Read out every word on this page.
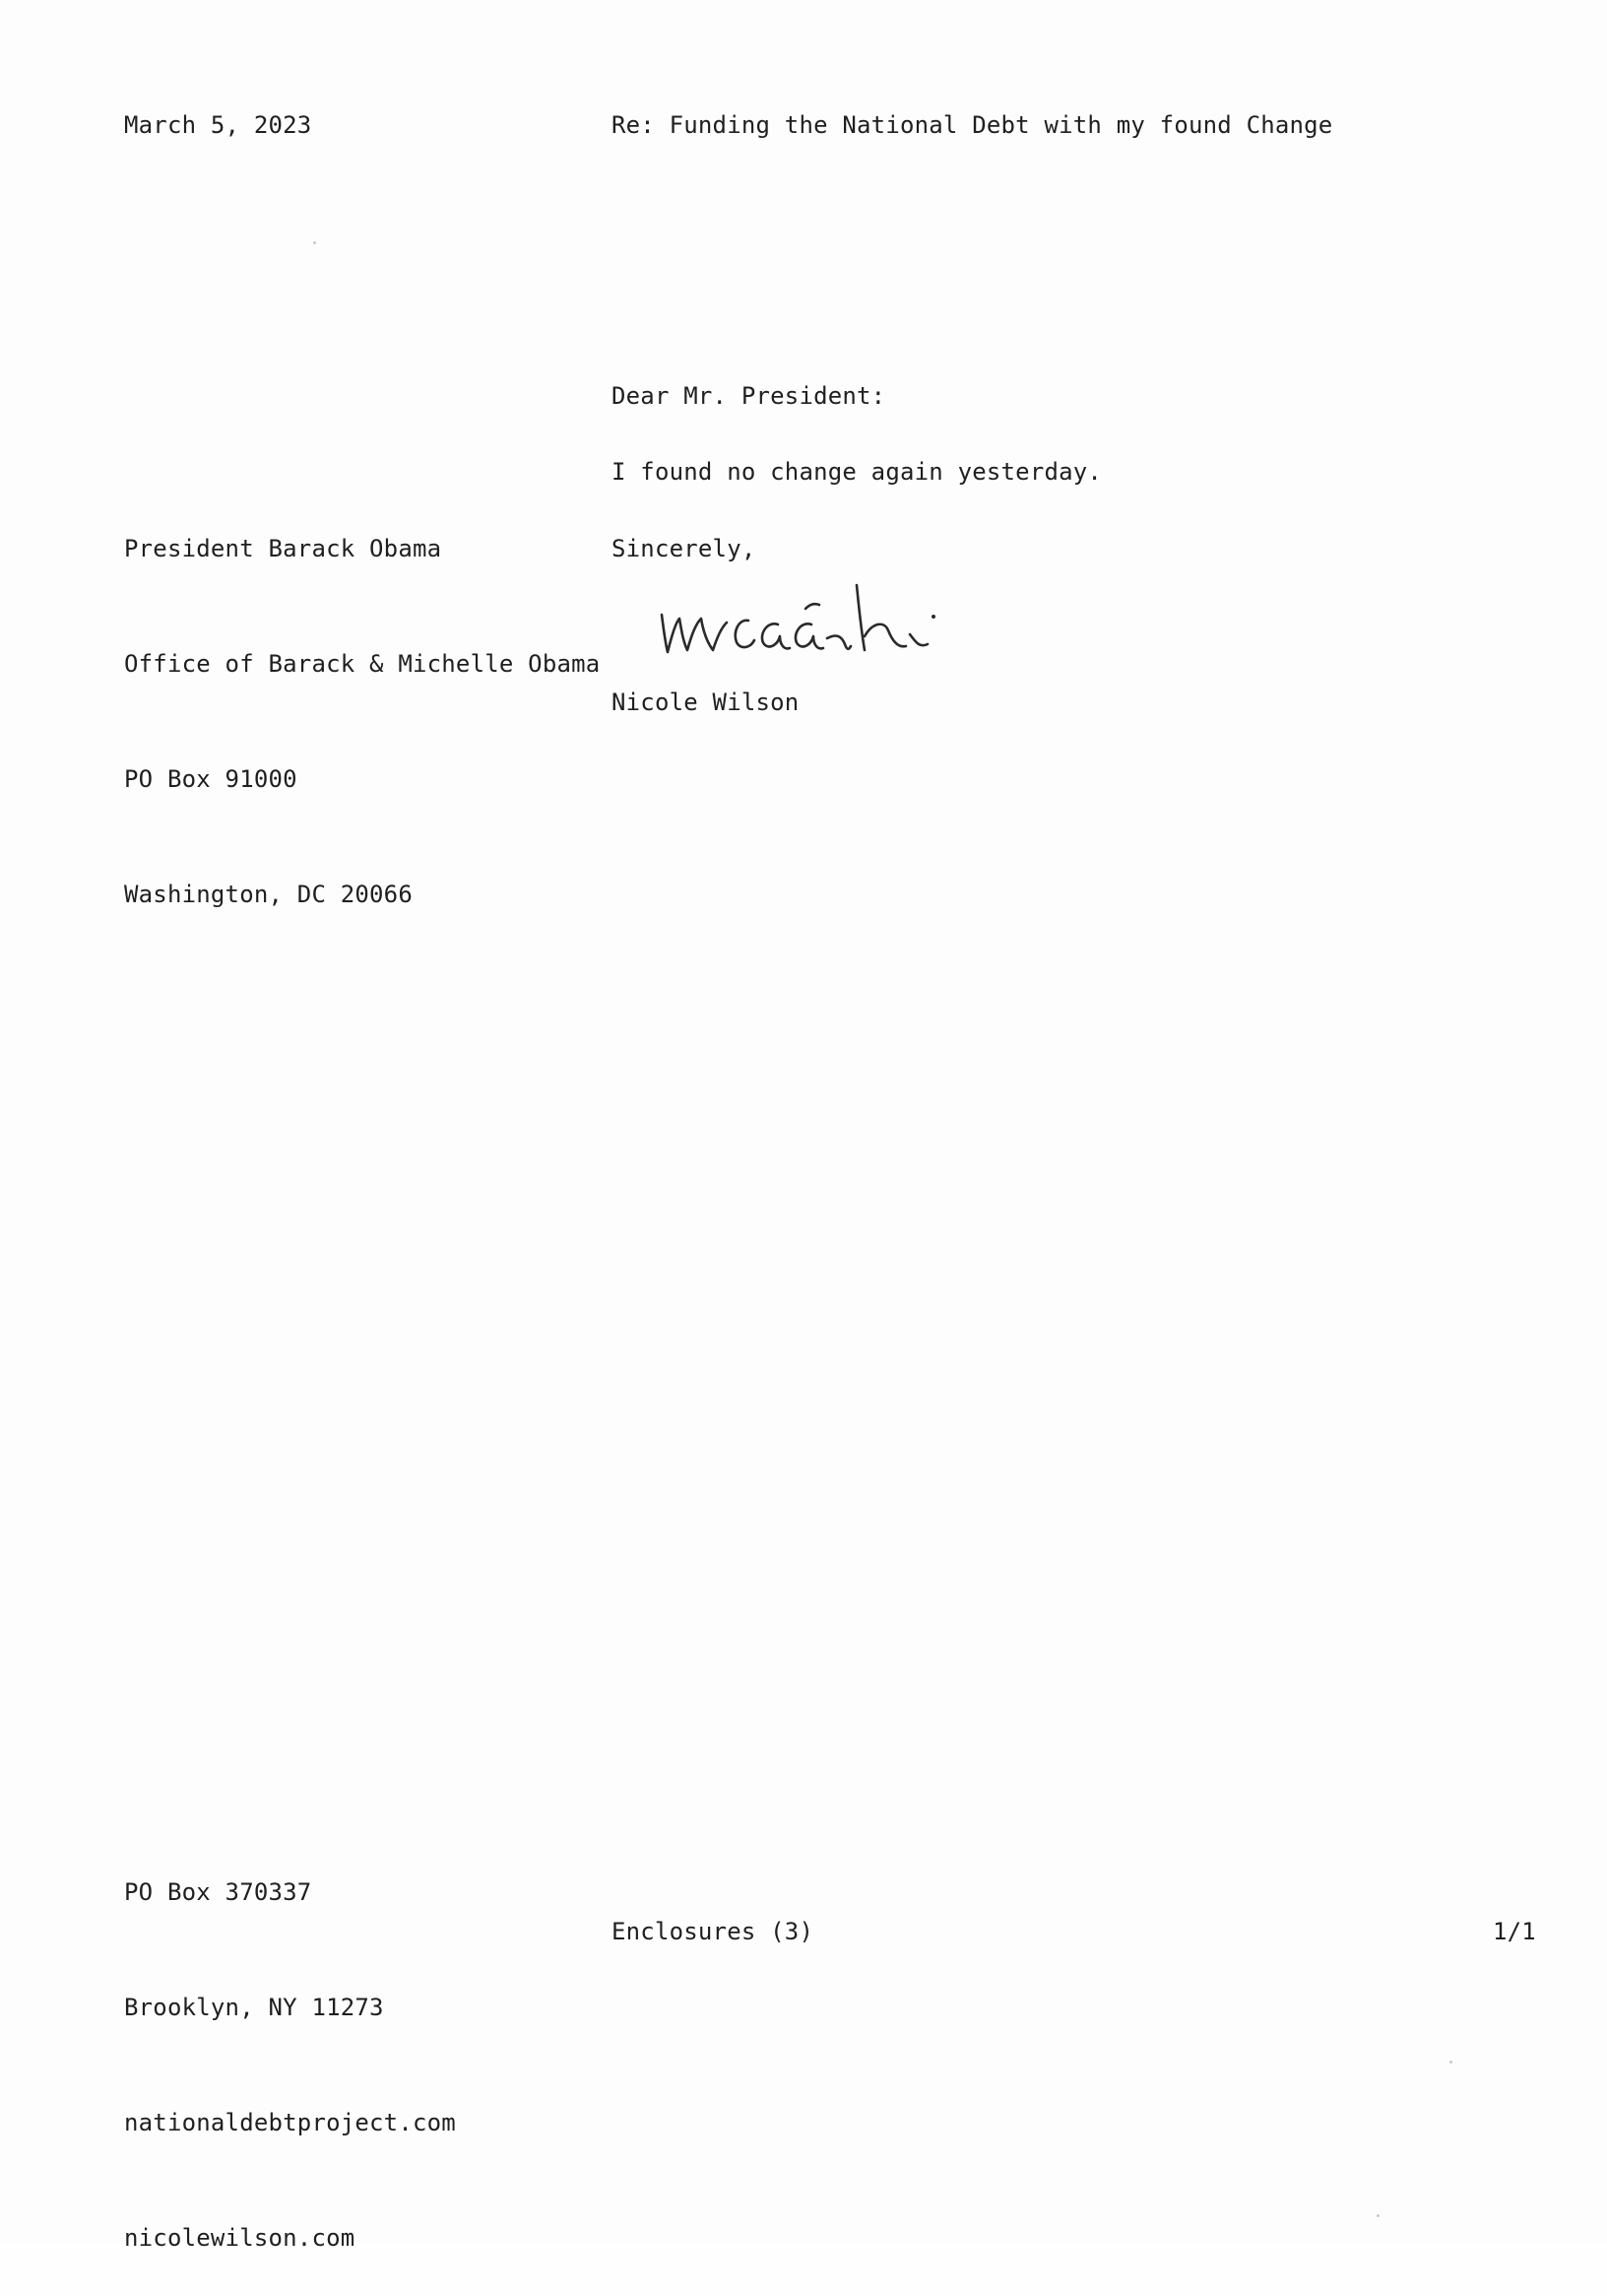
March 5, 2023	Re: Funding the National Debt with my found Change
Dear Mr. President:

President Barack Obama

Office of Barack & Michelle Obama

PO Box 91000

Washington, DC 20066

I found no change again yesterday.
Sincerely,
Nicole Wilson

PO Box 370337

Brooklyn, NY 11273

nationaldebtproject.com

nicolewilson.com

Enclosures (3)	1/1
